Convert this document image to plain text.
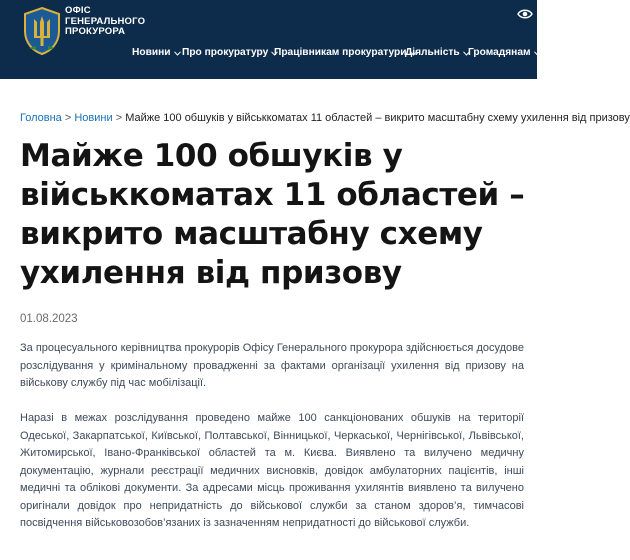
ОФІС
ГЕНЕРАЛЬНОГО
ПРОКУРОРА
Новини Про прокуратуру Працівникам прокуратури
Діяльність Громадянам
Головна > Новини > Майже 100 обшуків у військкоматах 11 областей – викрито масштабну схему ухилення від призову
Майже 100 обшуків у
військкоматах 11 областей –
викрито масштабну схему
ухилення від призову
01.08.2023

За процесуального керівництва прокурорів Офісу Генерального прокурора здійснюється досудове розслідування у кримінальному провадженні за фактами організації ухилення від призову на військову службу під час мобілізації.

Наразі в межах розслідування проведено майже 100 санкціонованих обшуків на території Одеської, Закарпатської, Київської, Полтавської, Вінницької, Черкаської, Чернігівської, Львівської, Житомирської, Івано-Франківської областей та м. Києва. Виявлено та вилучено медичну документацію, журнали реєстрації медичних висновків, довідок амбулаторних пацієнтів, інші медичні та облікові документи. За адресами місць проживання ухилянтів виявлено та вилучено оригінали довідок про непридатність до військової служби за станом здоров’я, тимчасові посвідчення військовозобов’язаних із зазначенням непридатності до військової служби.
